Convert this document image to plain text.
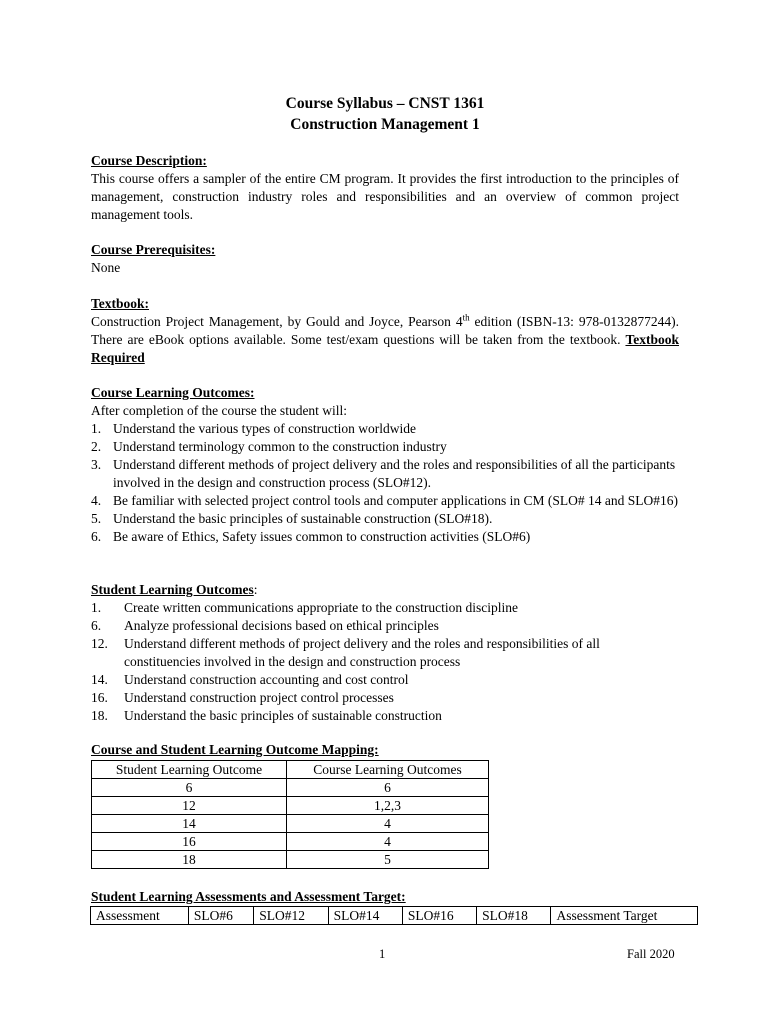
Course Syllabus – CNST 1361
Construction Management 1
Course Description:
This course offers a sampler of the entire CM program. It provides the first introduction to the principles of management, construction industry roles and responsibilities and an overview of common project management tools.
Course Prerequisites:
None
Textbook:
Construction Project Management, by Gould and Joyce, Pearson 4th edition (ISBN-13: 978-0132877244). There are eBook options available. Some test/exam questions will be taken from the textbook. Textbook Required
Course Learning Outcomes:
After completion of the course the student will:
1. Understand the various types of construction worldwide
2. Understand terminology common to the construction industry
3. Understand different methods of project delivery and the roles and responsibilities of all the participants involved in the design and construction process (SLO#12).
4. Be familiar with selected project control tools and computer applications in CM (SLO# 14 and SLO#16)
5. Understand the basic principles of sustainable construction (SLO#18).
6. Be aware of Ethics, Safety issues common to construction activities (SLO#6)
Student Learning Outcomes:
1. Create written communications appropriate to the construction discipline
6. Analyze professional decisions based on ethical principles
12. Understand different methods of project delivery and the roles and responsibilities of all constituencies involved in the design and construction process
14. Understand construction accounting and cost control
16. Understand construction project control processes
18. Understand the basic principles of sustainable construction
Course and Student Learning Outcome Mapping:
Student Learning Outcome	Course Learning Outcomes
6	6
12	1,2,3
14	4
16	4
18	5
Student Learning Assessments and Assessment Target:
Assessment	SLO#6	SLO#12	SLO#14	SLO#16	SLO#18	Assessment Target
1	Fall 2020
